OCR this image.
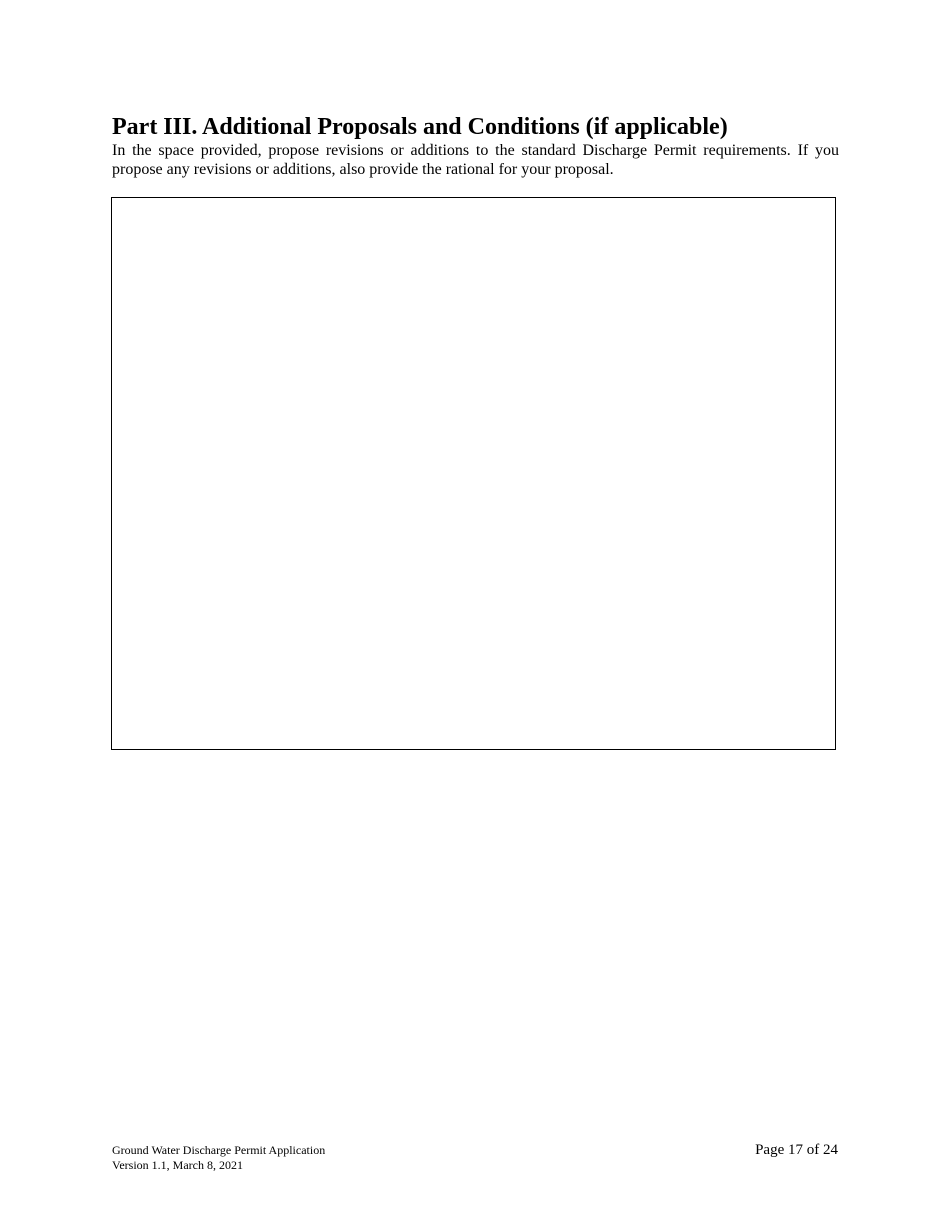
Part III. Additional Proposals and Conditions (if applicable)

In the space provided, propose revisions or additions to the standard Discharge Permit requirements. If you propose any revisions or additions, also provide the rational for your proposal.

Ground Water Discharge Permit Application
Version 1.1, March 8, 2021
Page 17 of 24
